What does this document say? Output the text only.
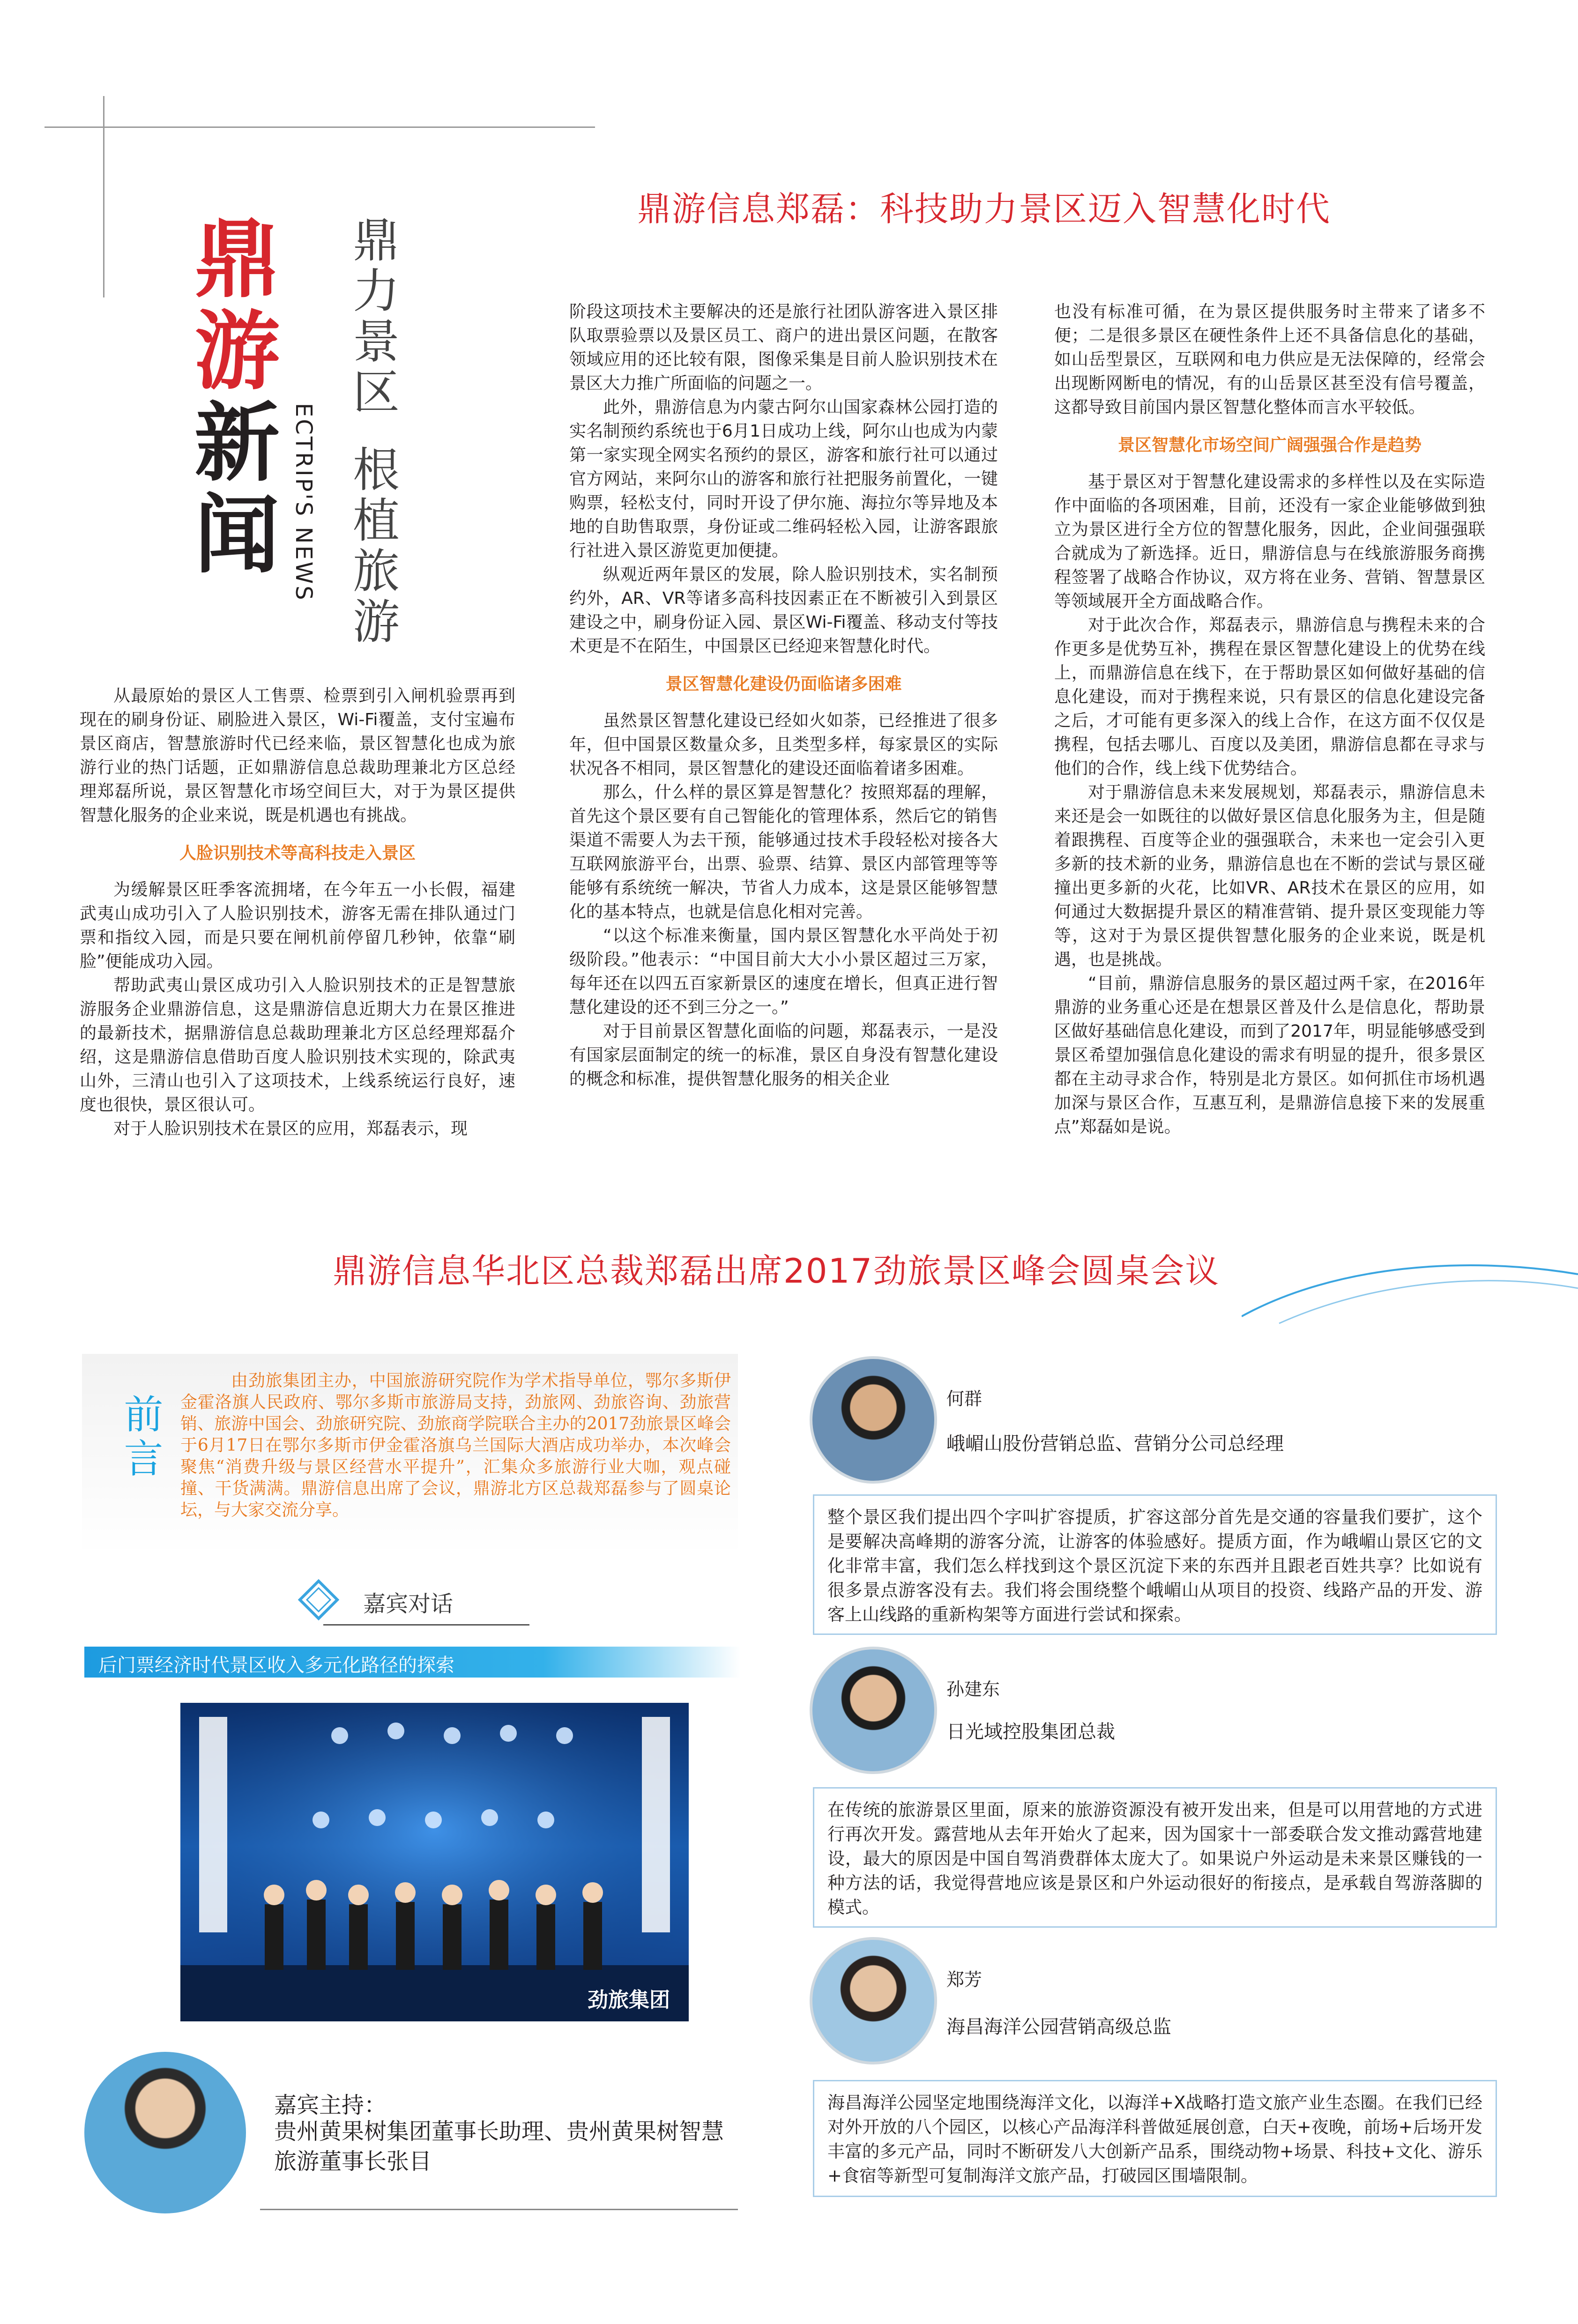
鼎
游
新
闻 ECTRIP'S NEWS
鼎力景区
根植旅游
鼎游信息郑磊：科技助力景区迈入智慧化时代

从最原始的景区人工售票、检票到引入闸机验票再到现在的刷身份证、刷脸进入景区，Wi-Fi覆盖，支付宝遍布景区商店，智慧旅游时代已经来临，景区智慧化也成为旅游行业的热门话题，正如鼎游信息总裁助理兼北方区总经理郑磊所说，景区智慧化市场空间巨大，对于为景区提供智慧化服务的企业来说，既是机遇也有挑战。

人脸识别技术等高科技走入景区

为缓解景区旺季客流拥堵，在今年五一小长假，福建武夷山成功引入了人脸识别技术，游客无需在排队通过门票和指纹入园，而是只要在闸机前停留几秒钟，依靠“刷脸”便能成功入园。

帮助武夷山景区成功引入人脸识别技术的正是智慧旅游服务企业鼎游信息，这是鼎游信息近期大力在景区推进的最新技术，据鼎游信息总裁助理兼北方区总经理郑磊介绍，这是鼎游信息借助百度人脸识别技术实现的，除武夷山外，三清山也引入了这项技术，上线系统运行良好，速度也很快，景区很认可。

对于人脸识别技术在景区的应用，郑磊表示，现

阶段这项技术主要解决的还是旅行社团队游客进入景区排队取票验票以及景区员工、商户的进出景区问题，在散客领域应用的还比较有限，图像采集是目前人脸识别技术在景区大力推广所面临的问题之一。

此外，鼎游信息为内蒙古阿尔山国家森林公园打造的实名制预约系统也于6月1日成功上线，阿尔山也成为内蒙第一家实现全网实名预约的景区，游客和旅行社可以通过官方网站，来阿尔山的游客和旅行社把服务前置化，一键购票，轻松支付，同时开设了伊尔施、海拉尔等异地及本地的自助售取票，身份证或二维码轻松入园，让游客跟旅行社进入景区游览更加便捷。

纵观近两年景区的发展，除人脸识别技术，实名制预约外，AR、VR等诸多高科技因素正在不断被引入到景区建设之中，刷身份证入园、景区Wi-Fi覆盖、移动支付等技术更是不在陌生，中国景区已经迎来智慧化时代。

景区智慧化建设仍面临诸多困难

虽然景区智慧化建设已经如火如荼，已经推进了很多年，但中国景区数量众多，且类型多样，每家景区的实际状况各不相同，景区智慧化的建设还面临着诸多困难。

那么，什么样的景区算是智慧化？按照郑磊的理解，首先这个景区要有自己智能化的管理体系，然后它的销售渠道不需要人为去干预，能够通过技术手段轻松对接各大互联网旅游平台，出票、验票、结算、景区内部管理等等能够有系统统一解决，节省人力成本，这是景区能够智慧化的基本特点，也就是信息化相对完善。

“以这个标准来衡量，国内景区智慧化水平尚处于初级阶段。”他表示：“中国目前大大小小景区超过三万家，每年还在以四五百家新景区的速度在增长，但真正进行智慧化建设的还不到三分之一。”

对于目前景区智慧化面临的问题，郑磊表示，一是没有国家层面制定的统一的标准，景区自身没有智慧化建设的概念和标准，提供智慧化服务的相关企业

也没有标准可循，在为景区提供服务时主带来了诸多不便；二是很多景区在硬性条件上还不具备信息化的基础，如山岳型景区，互联网和电力供应是无法保障的，经常会出现断网断电的情况，有的山岳景区甚至没有信号覆盖，这都导致目前国内景区智慧化整体而言水平较低。

景区智慧化市场空间广阔强强合作是趋势

基于景区对于智慧化建设需求的多样性以及在实际造作中面临的各项困难，目前，还没有一家企业能够做到独立为景区进行全方位的智慧化服务，因此，企业间强强联合就成为了新选择。近日，鼎游信息与在线旅游服务商携程签署了战略合作协议，双方将在业务、营销、智慧景区等领域展开全方面战略合作。

对于此次合作，郑磊表示，鼎游信息与携程未来的合作更多是优势互补，携程在景区智慧化建设上的优势在线上，而鼎游信息在线下，在于帮助景区如何做好基础的信息化建设，而对于携程来说，只有景区的信息化建设完备之后，才可能有更多深入的线上合作，在这方面不仅仅是携程，包括去哪儿、百度以及美团，鼎游信息都在寻求与他们的合作，线上线下优势结合。

对于鼎游信息未来发展规划，郑磊表示，鼎游信息未来还是会一如既往的以做好景区信息化服务为主，但是随着跟携程、百度等企业的强强联合，未来也一定会引入更多新的技术新的业务，鼎游信息也在不断的尝试与景区碰撞出更多新的火花，比如VR、AR技术在景区的应用，如何通过大数据提升景区的精准营销、提升景区变现能力等等，这对于为景区提供智慧化服务的企业来说，既是机遇，也是挑战。

“目前，鼎游信息服务的景区超过两千家，在2016年鼎游的业务重心还是在想景区普及什么是信息化，帮助景区做好基础信息化建设，而到了2017年，明显能够感受到景区希望加强信息化建设的需求有明显的提升，很多景区都在主动寻求合作，特别是北方景区。如何抓住市场机遇加深与景区合作，互惠互利，是鼎游信息接下来的发展重点”郑磊如是说。

鼎游信息华北区总裁郑磊出席2017劲旅景区峰会圆桌会议
前言
由劲旅集团主办，中国旅游研究院作为学术指导单位，鄂尔多斯伊金霍洛旗人民政府、鄂尔多斯市旅游局支持，劲旅网、劲旅咨询、劲旅营销、旅游中国会、劲旅研究院、劲旅商学院联合主办的2017劲旅景区峰会于6月17日在鄂尔多斯市伊金霍洛旗乌兰国际大酒店成功举办，本次峰会聚焦“消费升级与景区经营水平提升”，汇集众多旅游行业大咖，观点碰撞、干货满满。鼎游信息出席了会议，鼎游北方区总裁郑磊参与了圆桌论坛，与大家交流分享。
嘉宾对话
后门票经济时代景区收入多元化路径的探索
劲旅集团
嘉宾主持：
贵州黄果树集团董事长助理、贵州黄果树智慧旅游董事长张目
何群
峨嵋山股份营销总监、营销分公司总经理
整个景区我们提出四个字叫扩容提质，扩容这部分首先是交通的容量我们要扩，这个是要解决高峰期的游客分流，让游客的体验感好。提质方面，作为峨嵋山景区它的文化非常丰富，我们怎么样找到这个景区沉淀下来的东西并且跟老百姓共享？比如说有很多景点游客没有去。我们将会围绕整个峨嵋山从项目的投资、线路产品的开发、游客上山线路的重新构架等方面进行尝试和探索。
孙建东
日光域控股集团总裁
在传统的旅游景区里面，原来的旅游资源没有被开发出来，但是可以用营地的方式进行再次开发。露营地从去年开始火了起来，因为国家十一部委联合发文推动露营地建设，最大的原因是中国自驾消费群体太庞大了。如果说户外运动是未来景区赚钱的一种方法的话，我觉得营地应该是景区和户外运动很好的衔接点，是承载自驾游落脚的模式。
郑芳
海昌海洋公园营销高级总监
海昌海洋公园坚定地围绕海洋文化，以海洋+X战略打造文旅产业生态圈。在我们已经对外开放的八个园区，以核心产品海洋科普做延展创意，白天+夜晚，前场+后场开发丰富的多元产品，同时不断研发八大创新产品系，围绕动物+场景、科技+文化、游乐+食宿等新型可复制海洋文旅产品，打破园区围墙限制。
